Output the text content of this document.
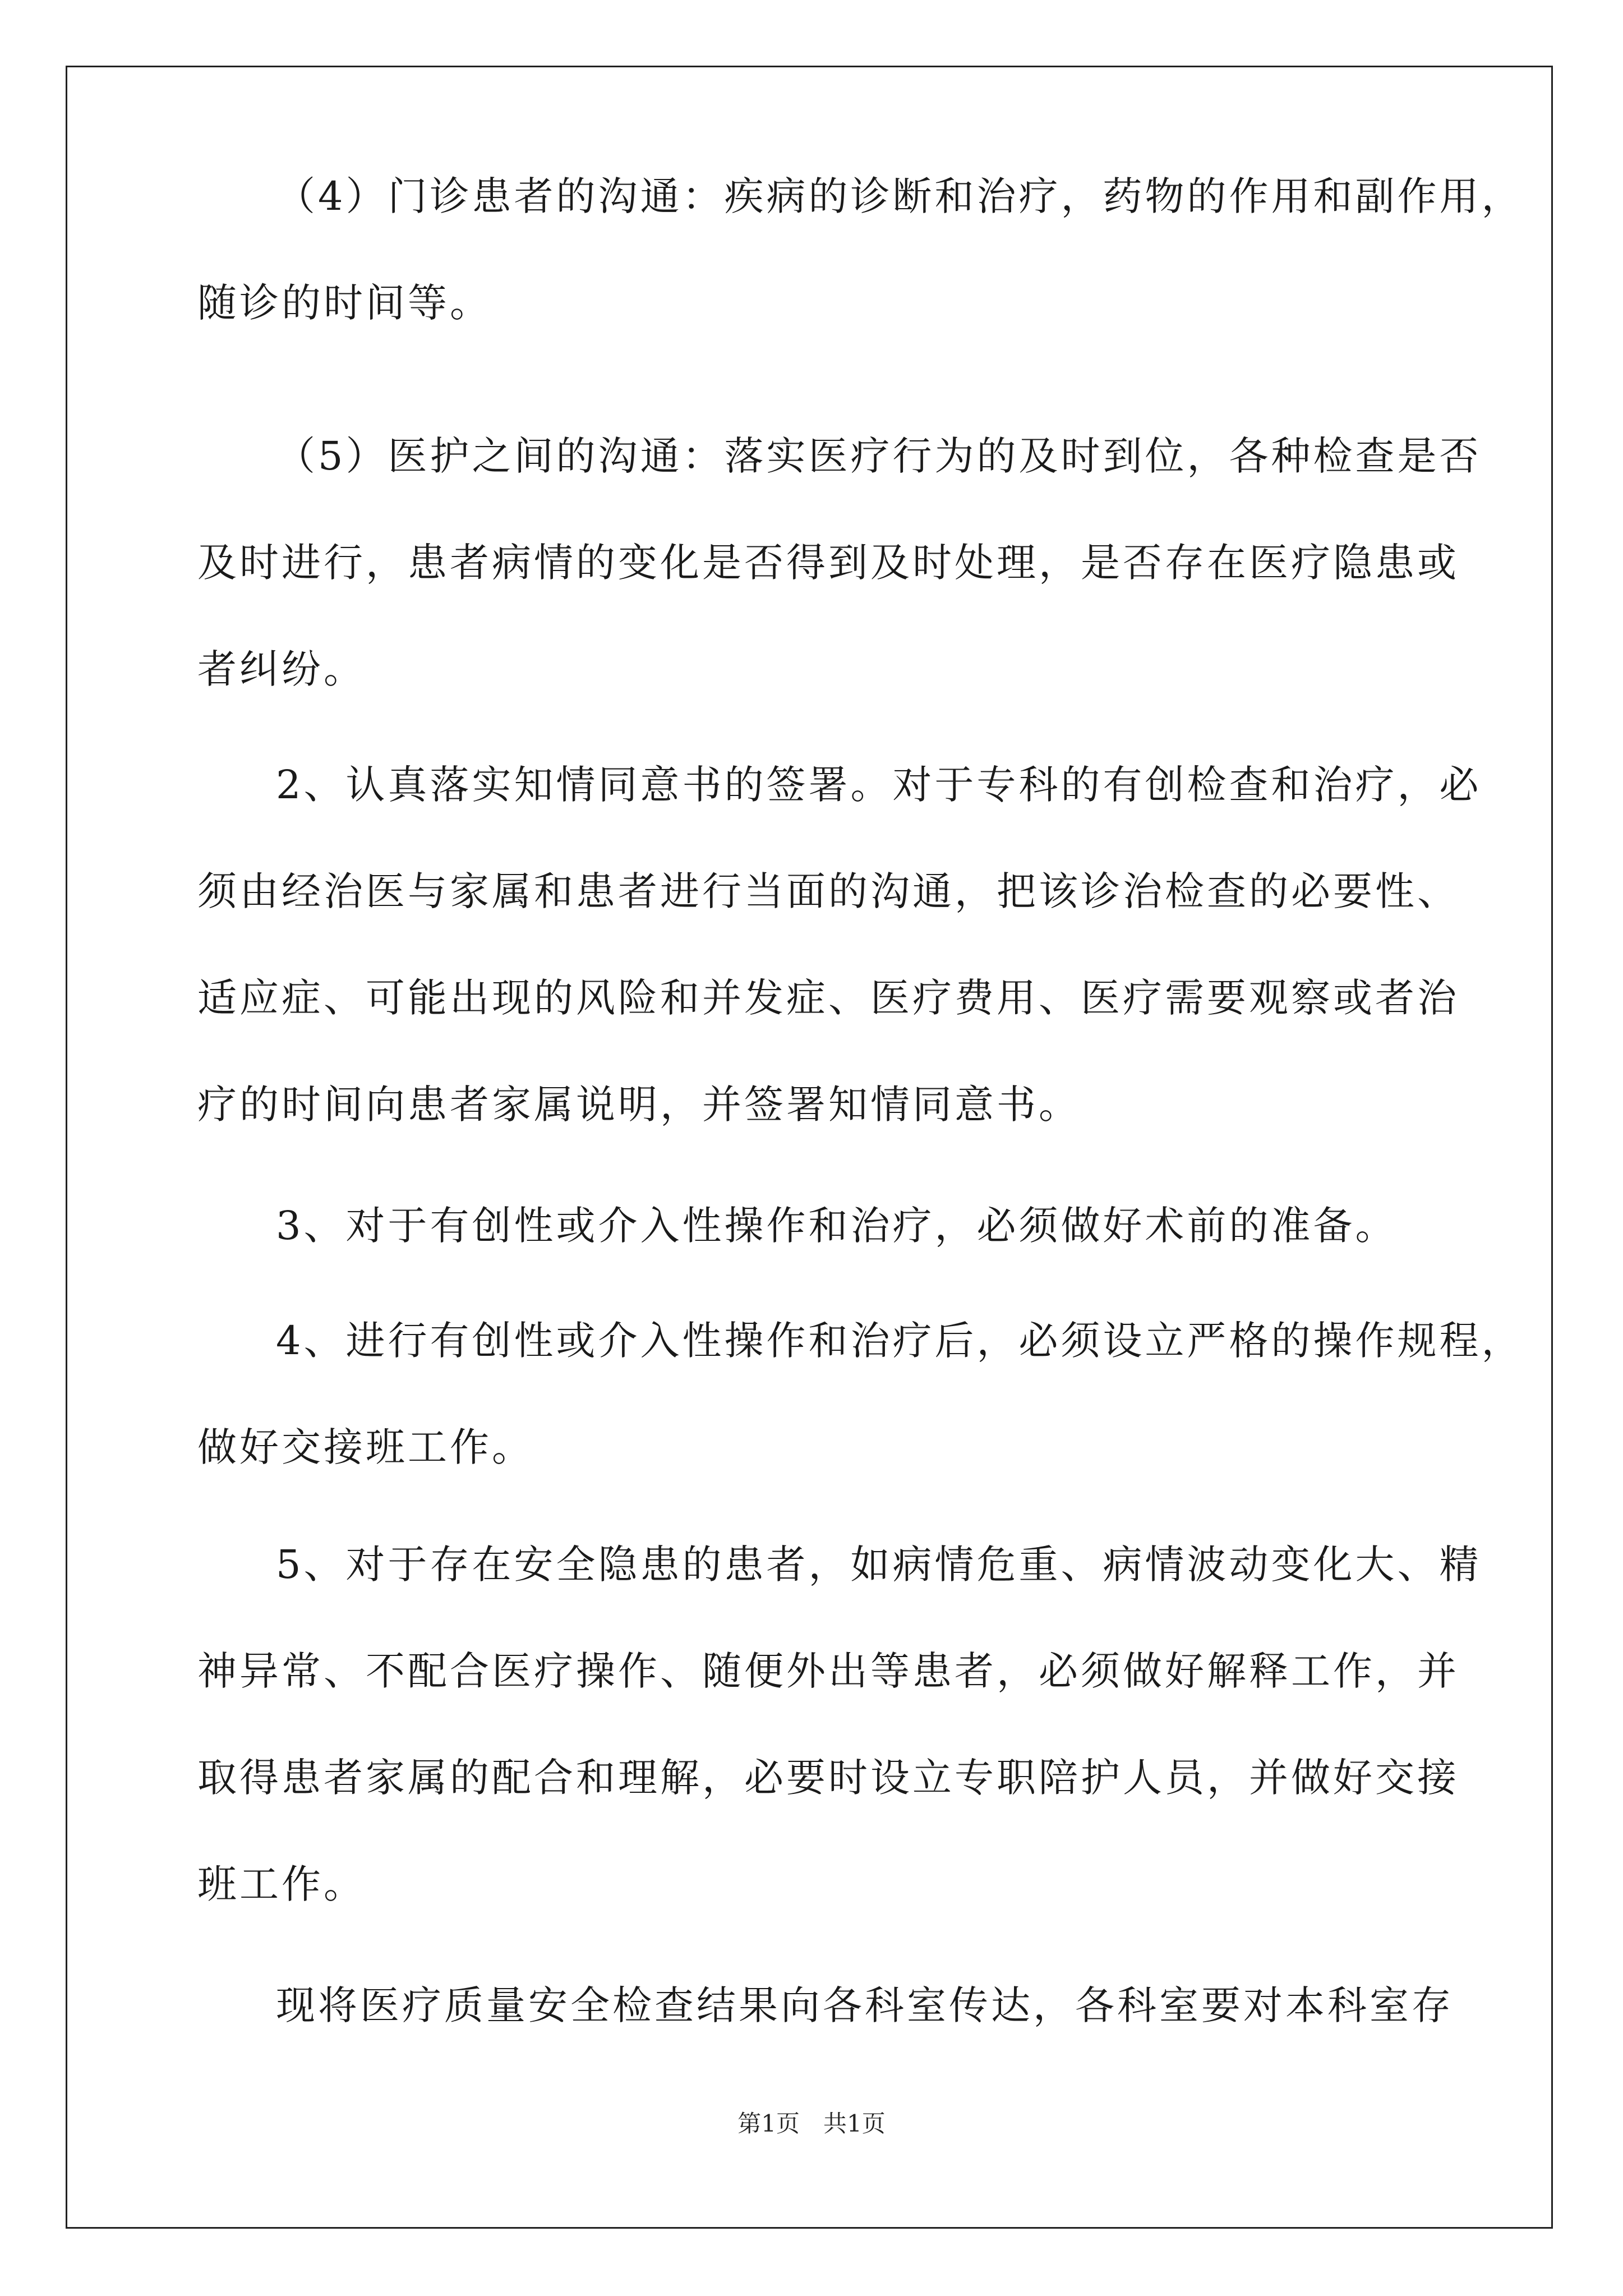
（4）门诊患者的沟通：疾病的诊断和治疗，药物的作用和副作用，
随诊的时间等。
（5）医护之间的沟通：落实医疗行为的及时到位，各种检查是否
及时进行，患者病情的变化是否得到及时处理，是否存在医疗隐患或
者纠纷。
2、认真落实知情同意书的签署。对于专科的有创检查和治疗，必
须由经治医与家属和患者进行当面的沟通，把该诊治检查的必要性、
适应症、可能出现的风险和并发症、医疗费用、医疗需要观察或者治
疗的时间向患者家属说明，并签署知情同意书。
3、对于有创性或介入性操作和治疗，必须做好术前的准备。
4、进行有创性或介入性操作和治疗后，必须设立严格的操作规程，
做好交接班工作。
5、对于存在安全隐患的患者，如病情危重、病情波动变化大、精
神异常、不配合医疗操作、随便外出等患者，必须做好解释工作，并
取得患者家属的配合和理解，必要时设立专职陪护人员，并做好交接
班工作。
现将医疗质量安全检查结果向各科室传达，各科室要对本科室存
第1页　共1页
